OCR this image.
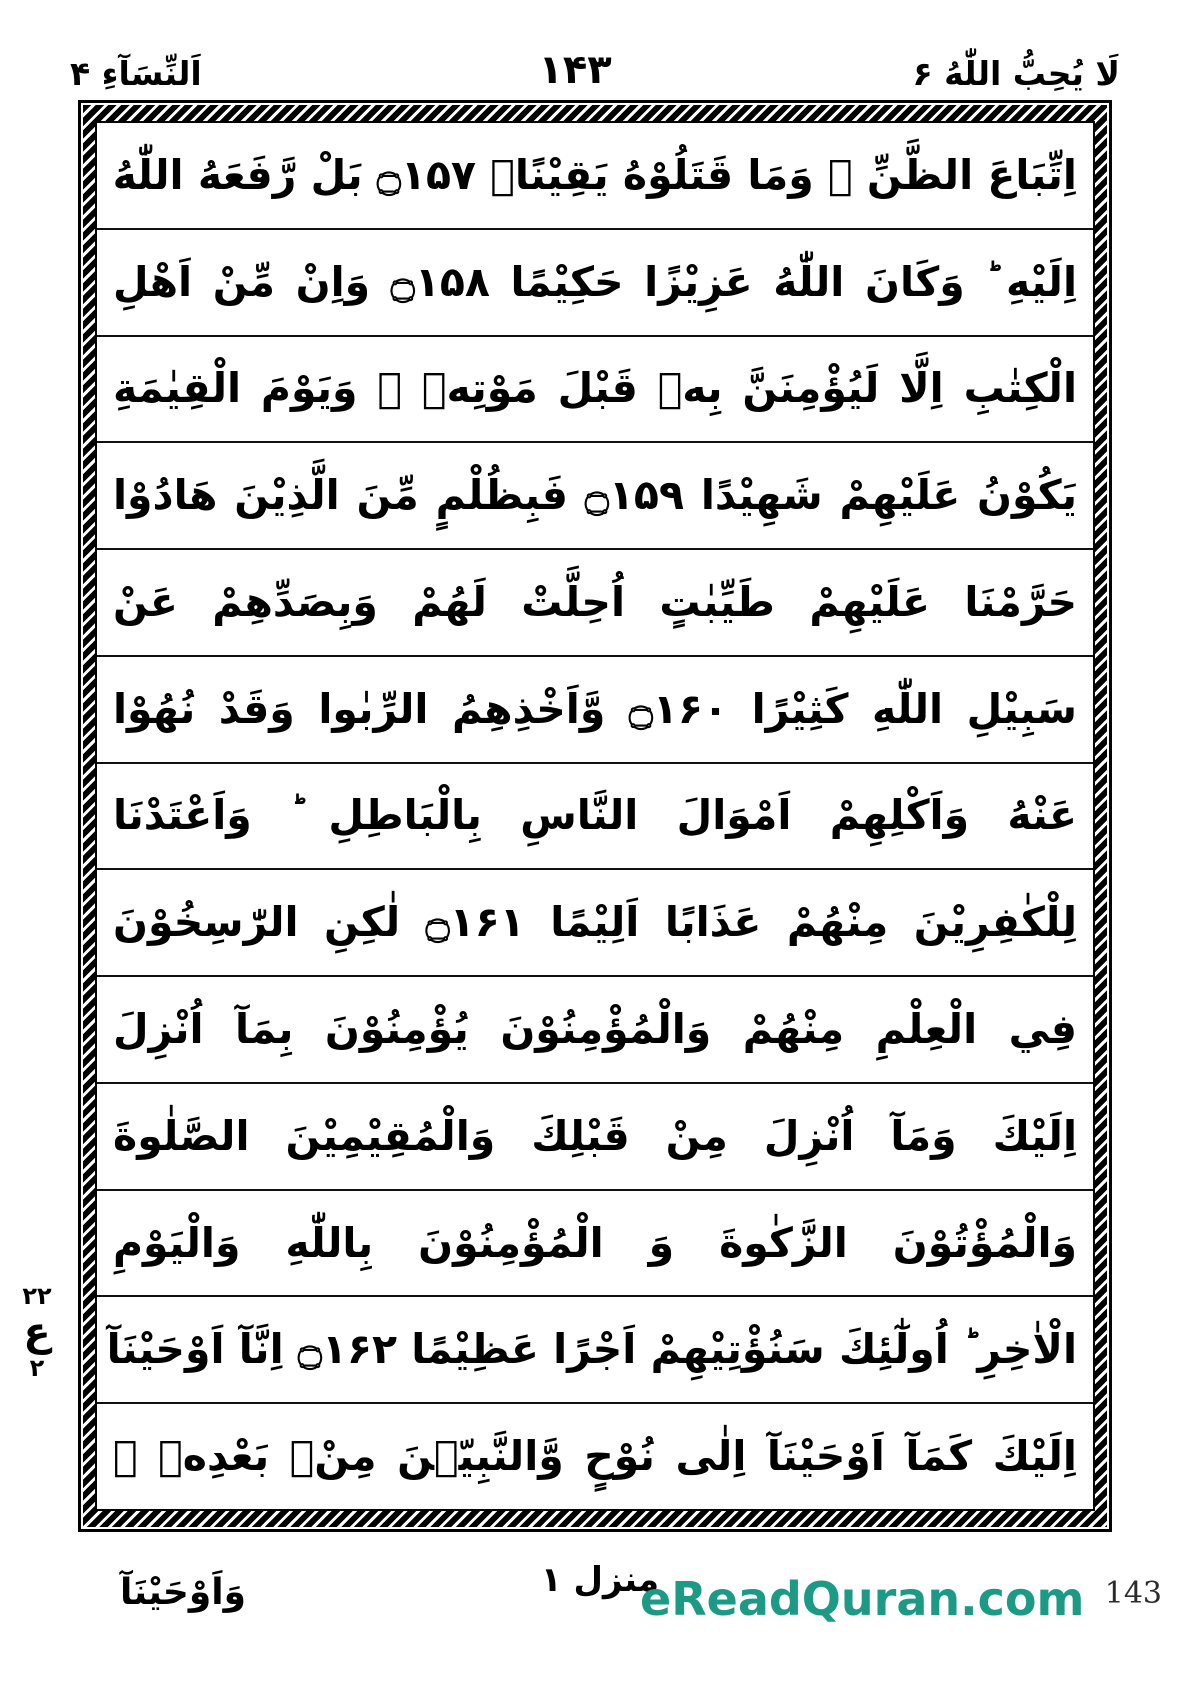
اَلنِّسَآءِ ۴	۱۴۳	لَا يُحِبُّ اللّٰهُ ۶
اِتِّبَاعَ الظَّنِّ ۚ وَمَا قَتَلُوْهُ يَقِيْنًاۢ ۝۱۵۷ بَلْ رَّفَعَهُ اللّٰهُ
اِلَيْهِ ؕ وَكَانَ اللّٰهُ عَزِيْزًا حَكِيْمًا ۝۱۵۸ وَاِنْ مِّنْ اَهْلِ
الْكِتٰبِ اِلَّا لَيُؤْمِنَنَّ بِهٖ قَبْلَ مَوْتِهٖ ۚ وَيَوْمَ الْقِيٰمَةِ
يَكُوْنُ عَلَيْهِمْ شَهِيْدًا ۝۱۵۹ فَبِظُلْمٍ مِّنَ الَّذِيْنَ هَادُوْا
حَرَّمْنَا عَلَيْهِمْ طَيِّبٰتٍ اُحِلَّتْ لَهُمْ وَبِصَدِّهِمْ عَنْ
سَبِيْلِ اللّٰهِ كَثِيْرًا ۝۱۶۰ وَّاَخْذِهِمُ الرِّبٰوا وَقَدْ نُهُوْا
عَنْهُ وَاَكْلِهِمْ اَمْوَالَ النَّاسِ بِالْبَاطِلِ ؕ وَاَعْتَدْنَا
لِلْكٰفِرِيْنَ مِنْهُمْ عَذَابًا اَلِيْمًا ۝۱۶۱ لٰكِنِ الرّٰسِخُوْنَ
فِي الْعِلْمِ مِنْهُمْ وَالْمُؤْمِنُوْنَ يُؤْمِنُوْنَ بِمَآ اُنْزِلَ
اِلَيْكَ وَمَآ اُنْزِلَ مِنْ قَبْلِكَ وَالْمُقِيْمِيْنَ الصَّلٰوةَ
وَالْمُؤْتُوْنَ الزَّكٰوةَ وَ الْمُؤْمِنُوْنَ بِاللّٰهِ وَالْيَوْمِ
الْاٰخِرِ ؕ اُولٰٓئِكَ سَنُؤْتِيْهِمْ اَجْرًا عَظِيْمًا ۝۱۶۲ اِنَّآ اَوْحَيْنَآ
اِلَيْكَ كَمَآ اَوْحَيْنَآ اِلٰى نُوْحٍ وَّالنَّبِيّٖنَ مِنْۢ بَعْدِهٖ ۚ
۲۲
ع
۲
وَاَوْحَيْنَآ	منزل ۱
eReadQuran.com 143
